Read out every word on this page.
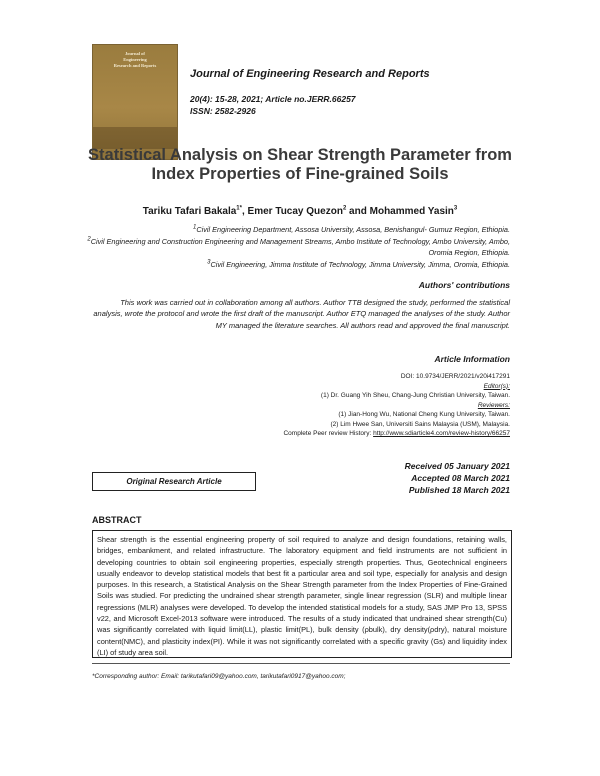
Journal of
Engineering
Research and Reports
Journal of Engineering Research and Reports
20(4): 15-28, 2021; Article no.JERR.66257
ISSN: 2582-2926
Statistical Analysis on Shear Strength Parameter from Index Properties of Fine-grained Soils
Tariku Tafari Bakala$^{1*}$, Emer Tucay Quezon$^2$ and Mohammed Yasin$^3$
$^1$Civil Engineering Department, Assosa University, Assosa, Benishangul- Gumuz Region, Ethiopia.
$^2$Civil Engineering and Construction Engineering and Management Streams, Ambo Institute of Technology, Ambo University, Ambo, Oromia Region, Ethiopia.
$^3$Civil Engineering, Jimma Institute of Technology, Jimma University, Jimma, Oromia, Ethiopia.
Authors' contributions
This work was carried out in collaboration among all authors. Author TTB designed the study, performed the statistical analysis, wrote the protocol and wrote the first draft of the manuscript. Author ETQ managed the analyses of the study. Author MY managed the literature searches. All authors read and approved the final manuscript.
Article Information
DOI: 10.9734/JERR/2021/v20i417291
Editor(s):
(1) Dr. Guang Yih Sheu, Chang-Jung Christian University, Taiwan.
Reviewers:
(1) Jian-Hong Wu, National Cheng Kung University, Taiwan.
(2) Lim Hwee San, Universiti Sains Malaysia (USM), Malaysia.
Complete Peer review History: http://www.sdiarticle4.com/review-history/66257
Original Research Article
Received 05 January 2021
Accepted 08 March 2021
Published 18 March 2021
ABSTRACT
Shear strength is the essential engineering property of soil required to analyze and design foundations, retaining walls, bridges, embankment, and related infrastructure. The laboratory equipment and field instruments are not sufficient in developing countries to obtain soil engineering properties, especially strength properties. Thus, Geotechnical engineers usually endeavor to develop statistical models that best fit a particular area and soil type, especially for analysis and design purposes. In this research, a Statistical Analysis on the Shear Strength parameter from the Index Properties of Fine-Grained Soils was studied. For predicting the undrained shear strength parameter, single linear regression (SLR) and multiple linear regressions (MLR) analyses were developed. To develop the intended statistical models for a study, SAS JMP Pro 13, SPSS v22, and Microsoft Excel-2013 software were introduced. The results of a study indicated that undrained shear strength(Cu) was significantly correlated with liquid limit(LL), plastic limit(PL), bulk density (ρbulk), dry density(ρdry), natural moisture content(NMC), and plasticity index(PI). While it was not significantly correlated with a specific gravity (Gs) and liquidity index (LI) of study area soil.
*Corresponding author: Email: tarikutafari09@yahoo.com, tarikutafari0917@yahoo.com;
